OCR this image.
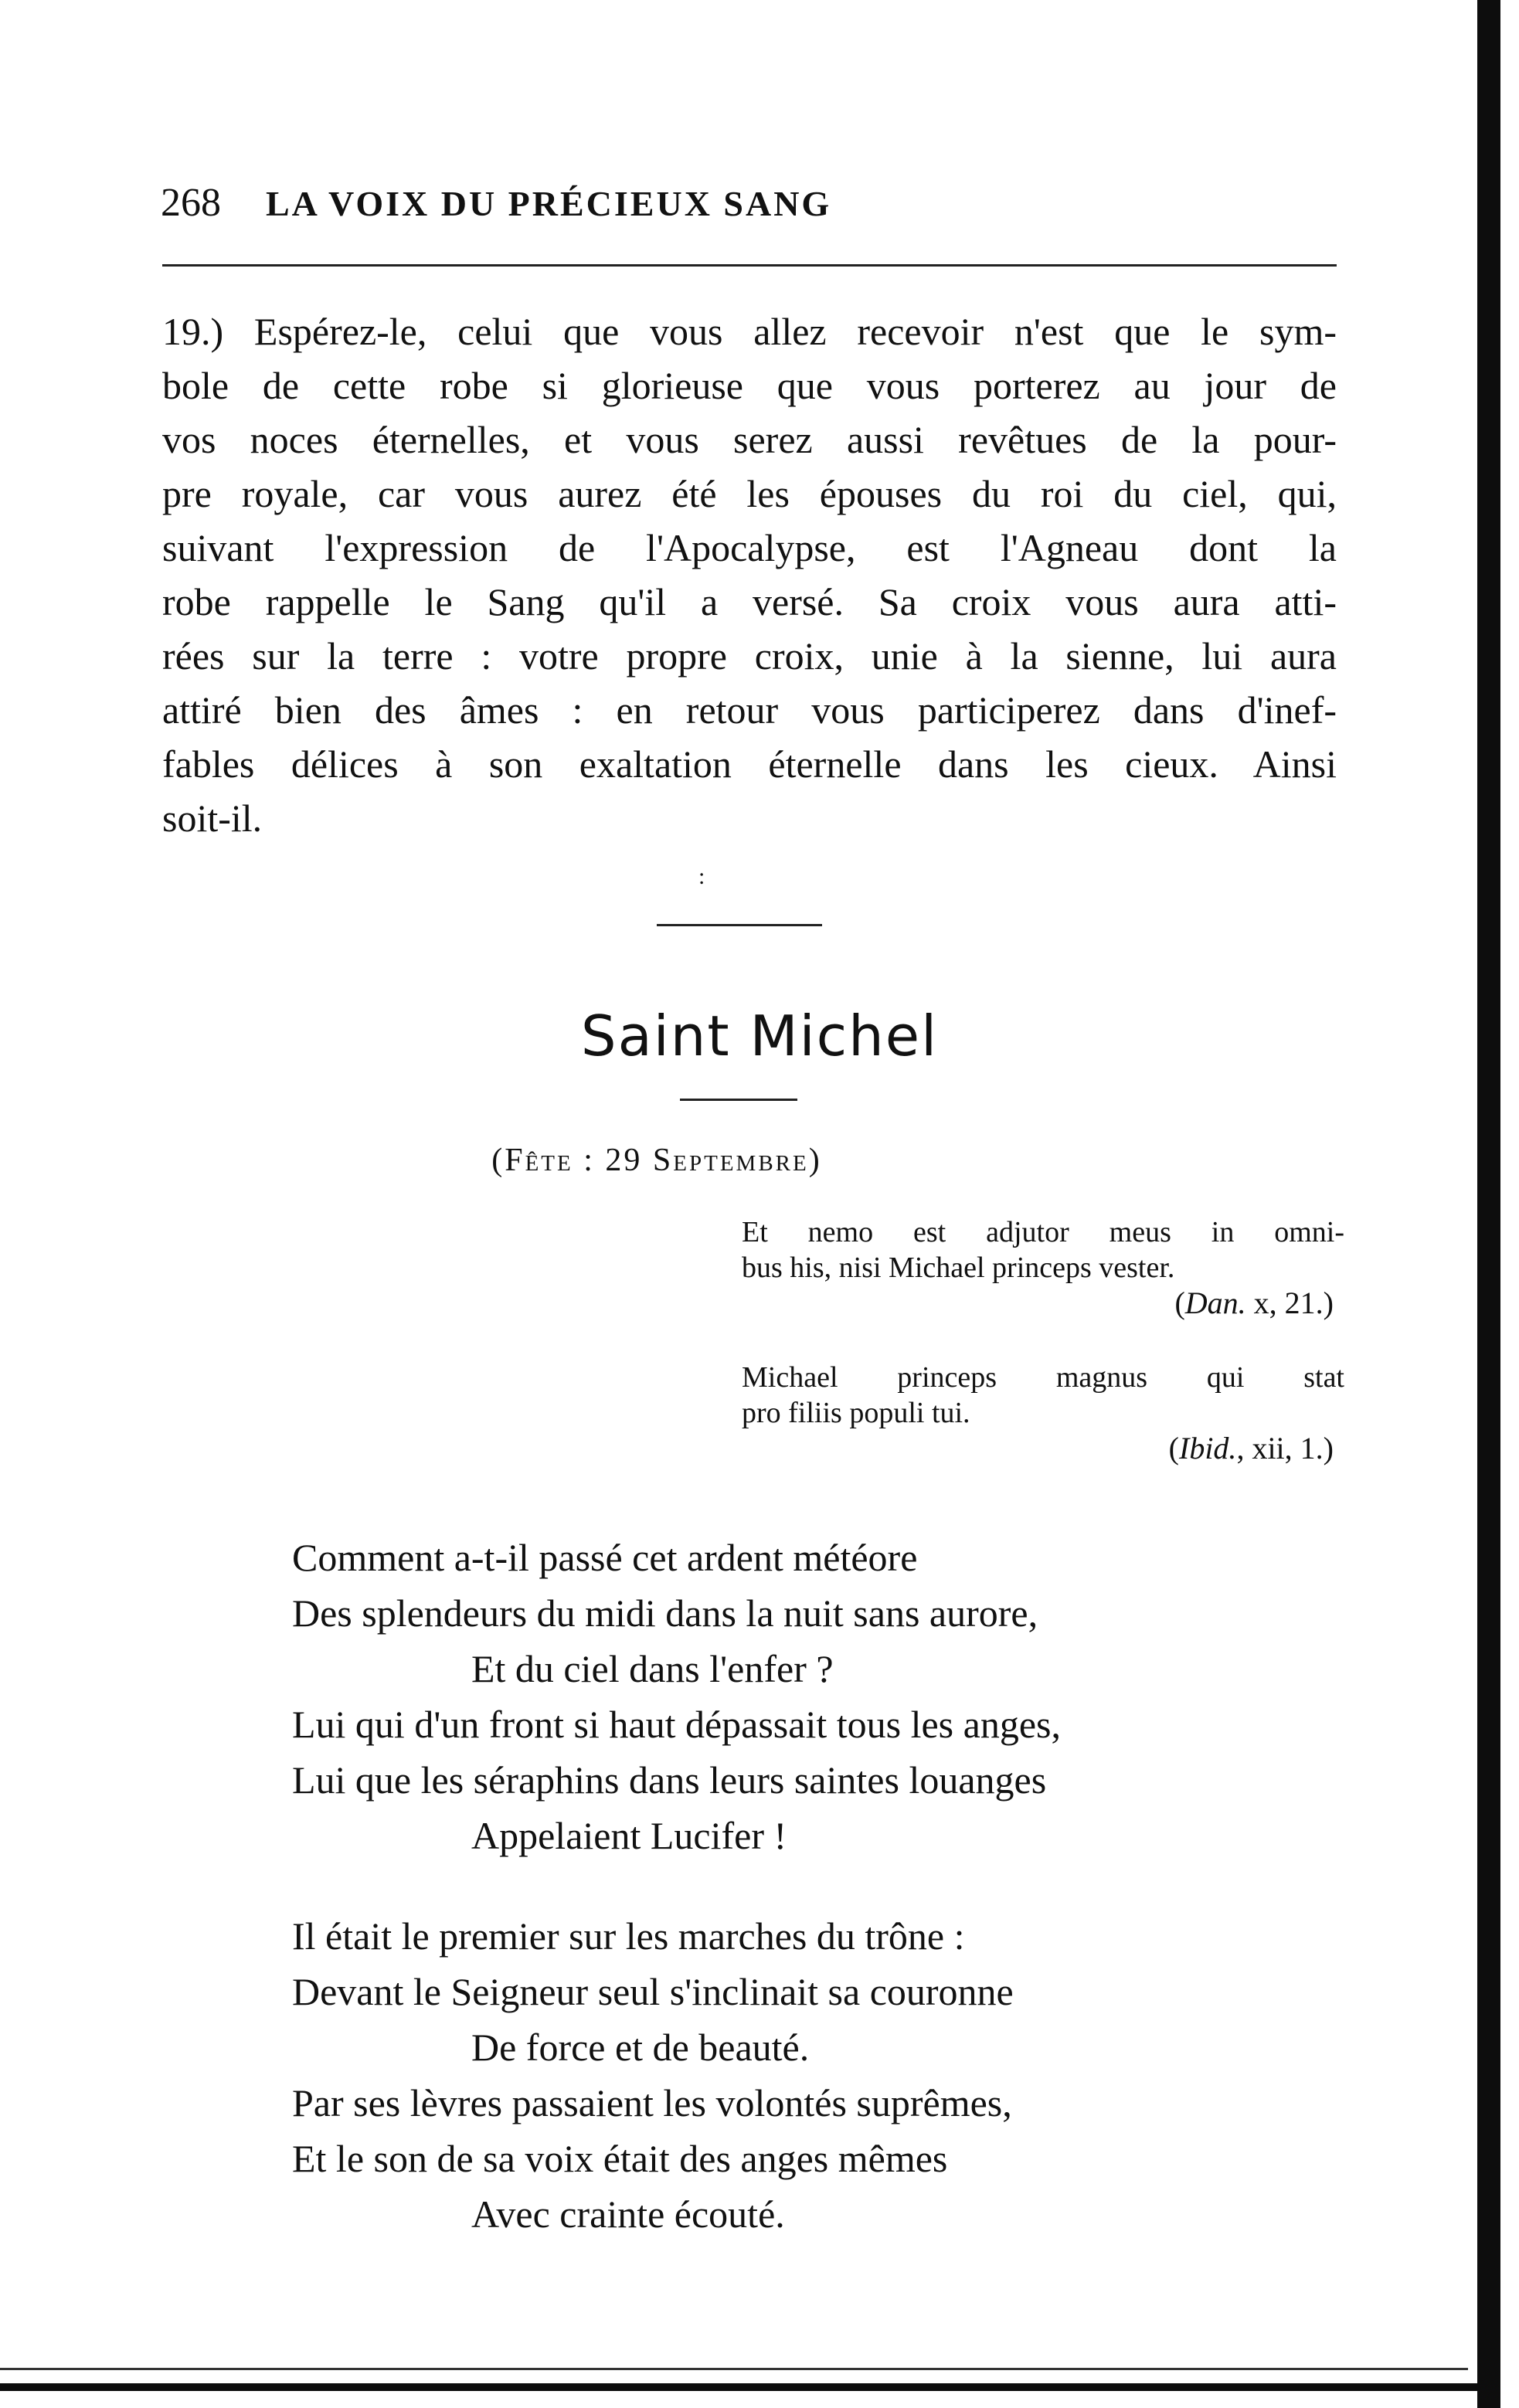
268 LA VOIX DU PRÉCIEUX SANG
19.) Espérez-le, celui que vous allez recevoir n'est que le sym-
bole de cette robe si glorieuse que vous porterez au jour de
vos noces éternelles, et vous serez aussi revêtues de la pour-
pre royale, car vous aurez été les épouses du roi du ciel, qui,
suivant l'expression de l'Apocalypse, est l'Agneau dont la
robe rappelle le Sang qu'il a versé. Sa croix vous aura atti-
rées sur la terre : votre propre croix, unie à la sienne, lui aura
attiré bien des âmes : en retour vous participerez dans d'inef-
fables délices à son exaltation éternelle dans les cieux. Ainsi
soit-il.
:
Saint Michel
(Fête : 29 Septembre)
Et nemo est adjutor meus in omni-
bus his, nisi Michael princeps vester.
(Dan. x, 21.)
Michael princeps magnus qui stat
pro filiis populi tui.
(Ibid., xii, 1.)
Comment a-t-il passé cet ardent météore
Des splendeurs du midi dans la nuit sans aurore,
Et du ciel dans l'enfer ?
Lui qui d'un front si haut dépassait tous les anges,
Lui que les séraphins dans leurs saintes louanges
Appelaient Lucifer !
Il était le premier sur les marches du trône :
Devant le Seigneur seul s'inclinait sa couronne
De force et de beauté.
Par ses lèvres passaient les volontés suprêmes,
Et le son de sa voix était des anges mêmes
Avec crainte écouté.
